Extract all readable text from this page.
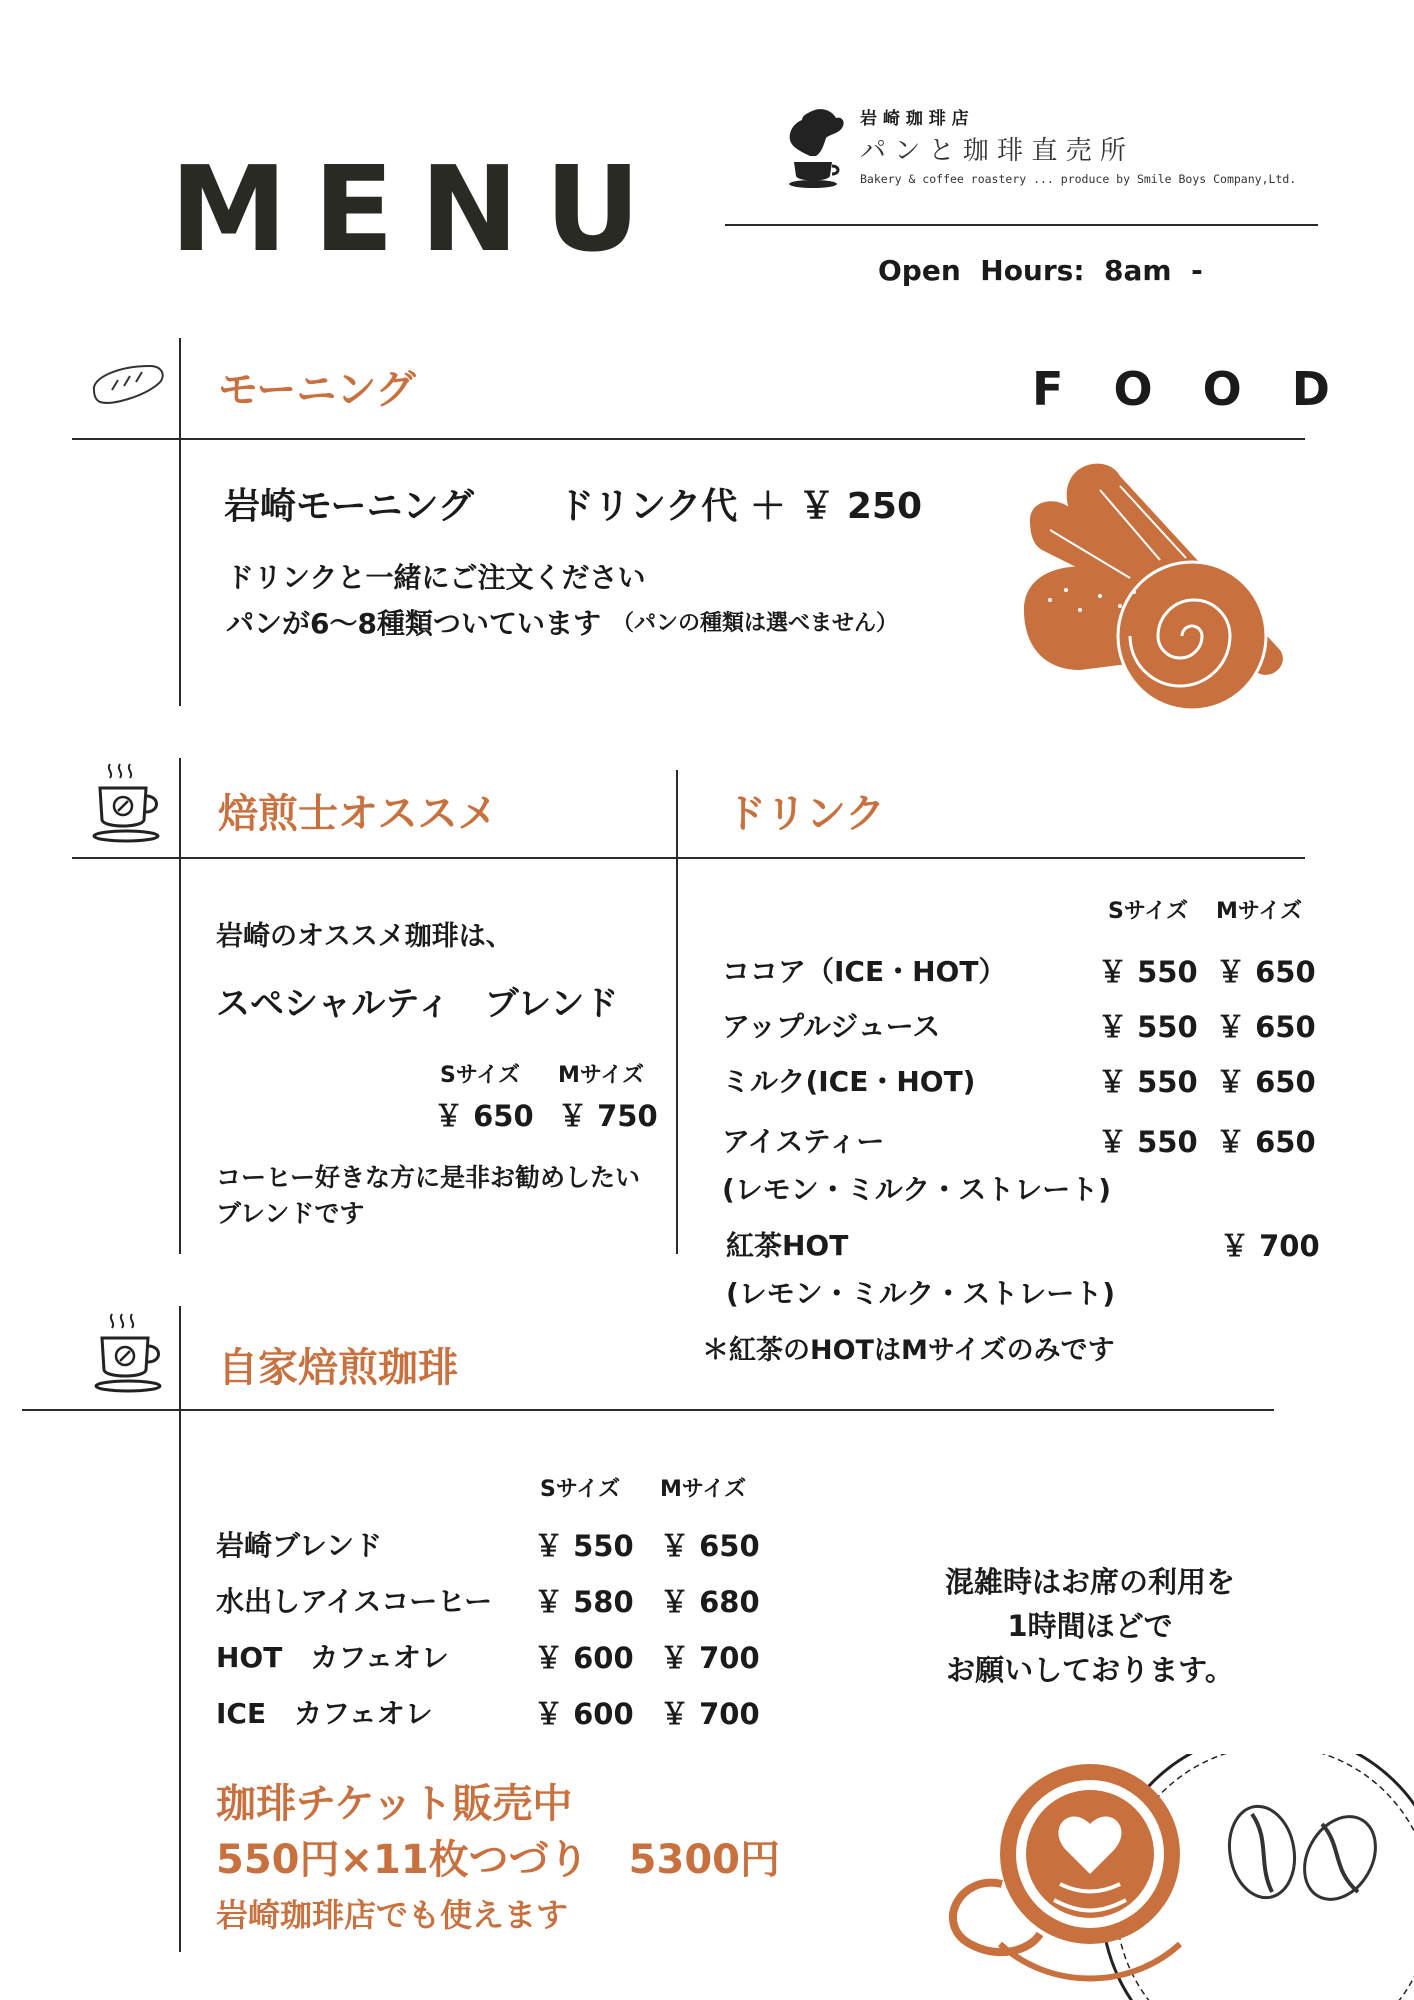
MENU
岩 崎 珈 琲 店
パ ン と 珈 琲 直 売 所
Bakery & coffee roastery ... produce by Smile Boys Company,Ltd.
Open  Hours:  8am  -
モーニング	F  O  O  D
岩崎モーニング ドリンク代 ＋ ￥ 250
ドリンクと一緒にご注文ください
パンが6～8種類ついています （パンの種類は選べません）
焙煎士オススメ
岩崎のオススメ珈琲は、
スペシャルティ　ブレンド
Sサイズ Mサイズ
￥ 650 ￥ 750
コーヒー好きな方に是非お勧めしたい
ブレンドです
ドリンク
Sサイズ Mサイズ
ココア（ICE・HOT）	￥ 550 ￥ 650
アップルジュース	￥ 550 ￥ 650
ミルク(ICE・HOT)	￥ 550 ￥ 650
アイスティー	￥ 550 ￥ 650
(レモン・ミルク・ストレート)
紅茶HOT	￥ 700
(レモン・ミルク・ストレート)
＊紅茶のHOTはMサイズのみです
自家焙煎珈琲
Sサイズ Mサイズ
岩崎ブレンド	￥ 550 ￥ 650
水出しアイスコーヒー ￥ 580 ￥ 680
HOT　カフェオレ	￥ 600 ￥ 700
ICE　カフェオレ	￥ 600 ￥ 700
混雑時はお席の利用を
1時間ほどで
お願いしております。
珈琲チケット販売中
550円×11枚つづり　5300円
岩崎珈琲店でも使えます
